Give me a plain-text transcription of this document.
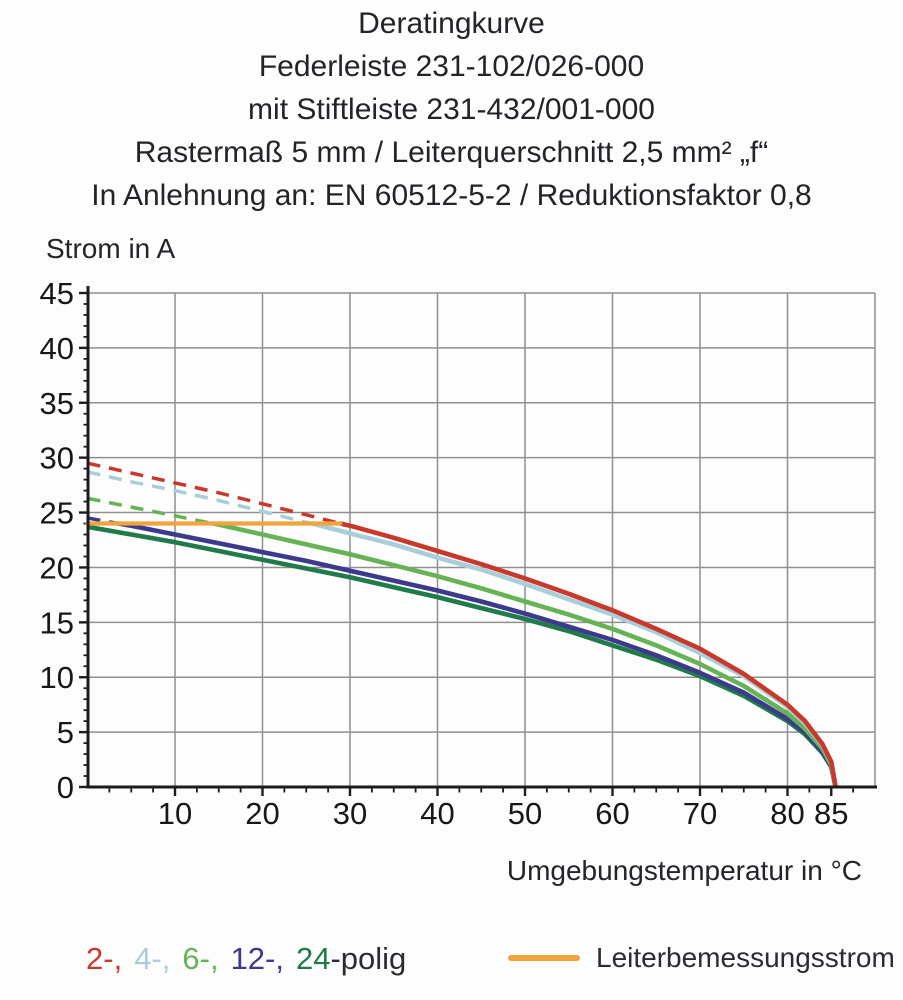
Deratingkurve
Federleiste 231-102/026-000
mit Stiftleiste 231-432/001-000
Rastermaß 5 mm / Leiterquerschnitt 2,5 mm² „f“
In Anlehnung an: EN 60512-5-2 / Reduktionsfaktor 0,8
Strom in A
10 20 30 40 50 60 70 80 85
0
5
10
15
20
25
30
35
40
45
Umgebungstemperatur in °C
2-, 4-, 6-, 12-, 24-polig	Leiterbemessungsstrom
